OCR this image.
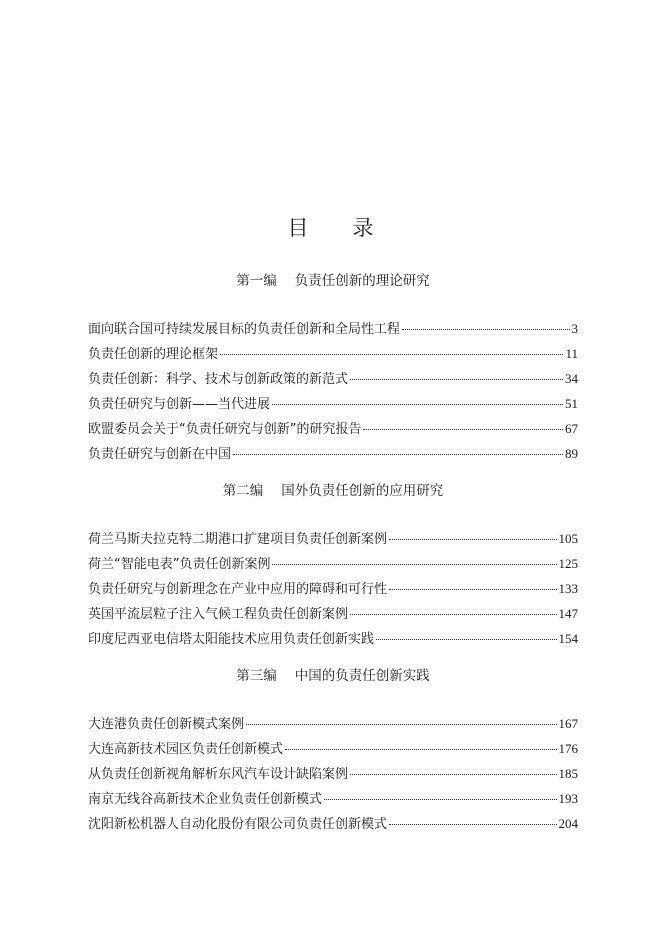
目 录
第一编 负责任创新的理论研究
面向联合国可持续发展目标的负责任创新和全局性工程	3
负责任创新的理论框架	11
负责任创新：科学、技术与创新政策的新范式	34
负责任研究与创新——当代进展	51
欧盟委员会关于“负责任研究与创新”的研究报告	67
负责任研究与创新在中国	89
第二编 国外负责任创新的应用研究
荷兰马斯夫拉克特二期港口扩建项目负责任创新案例	105
荷兰“智能电表”负责任创新案例	125
负责任研究与创新理念在产业中应用的障碍和可行性	133
英国平流层粒子注入气候工程负责任创新案例	147
印度尼西亚电信塔太阳能技术应用负责任创新实践	154
第三编 中国的负责任创新实践
大连港负责任创新模式案例	167
大连高新技术园区负责任创新模式	176
从负责任创新视角解析东风汽车设计缺陷案例	185
南京无线谷高新技术企业负责任创新模式	193
沈阳新松机器人自动化股份有限公司负责任创新模式	204
